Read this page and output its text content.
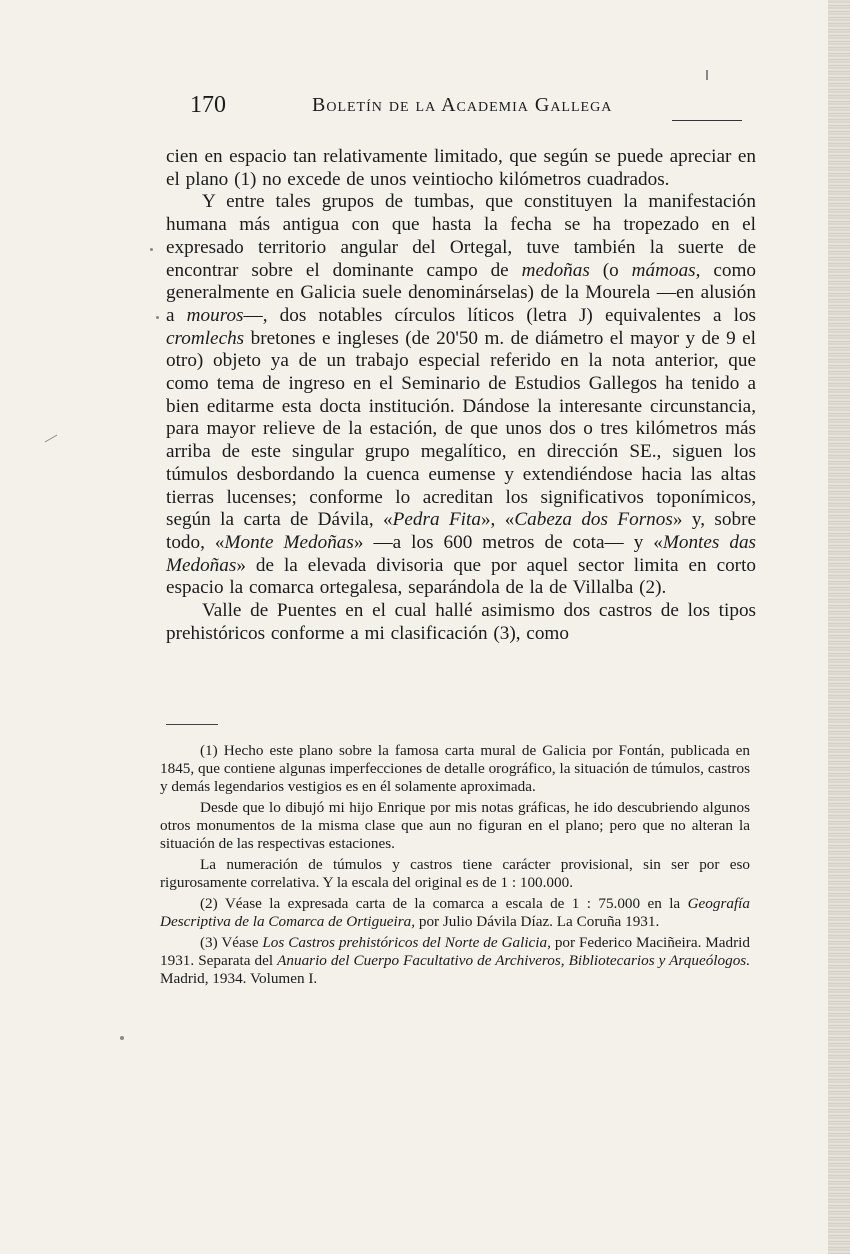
170	Boletín de la Academia Gallega

cien en espacio tan relativamente limitado, que según se puede apreciar en el plano (1) no excede de unos veintiocho kilómetros cuadrados.

Y entre tales grupos de tumbas, que constituyen la manifestación humana más antigua con que hasta la fecha se ha tropezado en el expresado territorio angular del Ortegal, tuve también la suerte de encontrar sobre el dominante campo de medoñas (o mámoas, como generalmente en Galicia suele denominárselas) de la Mourela —en alusión a mouros—, dos notables círculos líticos (letra J) equivalentes a los cromlechs bretones e ingleses (de 20'50 m. de diámetro el mayor y de 9 el otro) objeto ya de un trabajo especial referido en la nota anterior, que como tema de ingreso en el Seminario de Estudios Gallegos ha tenido a bien editarme esta docta institución. Dándose la interesante circunstancia, para mayor relieve de la estación, de que unos dos o tres kilómetros más arriba de este singular grupo megalítico, en dirección SE., siguen los túmulos desbordando la cuenca eumense y extendiéndose hacia las altas tierras lucenses; conforme lo acreditan los significativos toponímicos, según la carta de Dávila, «Pedra Fita», «Cabeza dos Fornos» y, sobre todo, «Monte Medoñas» —a los 600 metros de cota— y «Montes das Medoñas» de la elevada divisoria que por aquel sector limita en corto espacio la comarca ortegalesa, separándola de la de Villalba (2).

Valle de Puentes en el cual hallé asimismo dos castros de los tipos prehistóricos conforme a mi clasificación (3), como

(1) Hecho este plano sobre la famosa carta mural de Galicia por Fontán, publicada en 1845, que contiene algunas imperfecciones de detalle orográfico, la situación de túmulos, castros y demás legendarios vestigios es en él solamente aproximada.

Desde que lo dibujó mi hijo Enrique por mis notas gráficas, he ido descubriendo algunos otros monumentos de la misma clase que aun no figuran en el plano; pero que no alteran la situación de las respectivas estaciones.

La numeración de túmulos y castros tiene carácter provisional, sin ser por eso rigurosamente correlativa. Y la escala del original es de 1 : 100.000.

(2) Véase la expresada carta de la comarca a escala de 1 : 75.000 en la Geografía Descriptiva de la Comarca de Ortigueira, por Julio Dávila Díaz. La Coruña 1931.

(3) Véase Los Castros prehistóricos del Norte de Galicia, por Federico Maciñeira. Madrid 1931. Separata del Anuario del Cuerpo Facultativo de Archiveros, Bibliotecarios y Arqueólogos. Madrid, 1934. Volumen I.
